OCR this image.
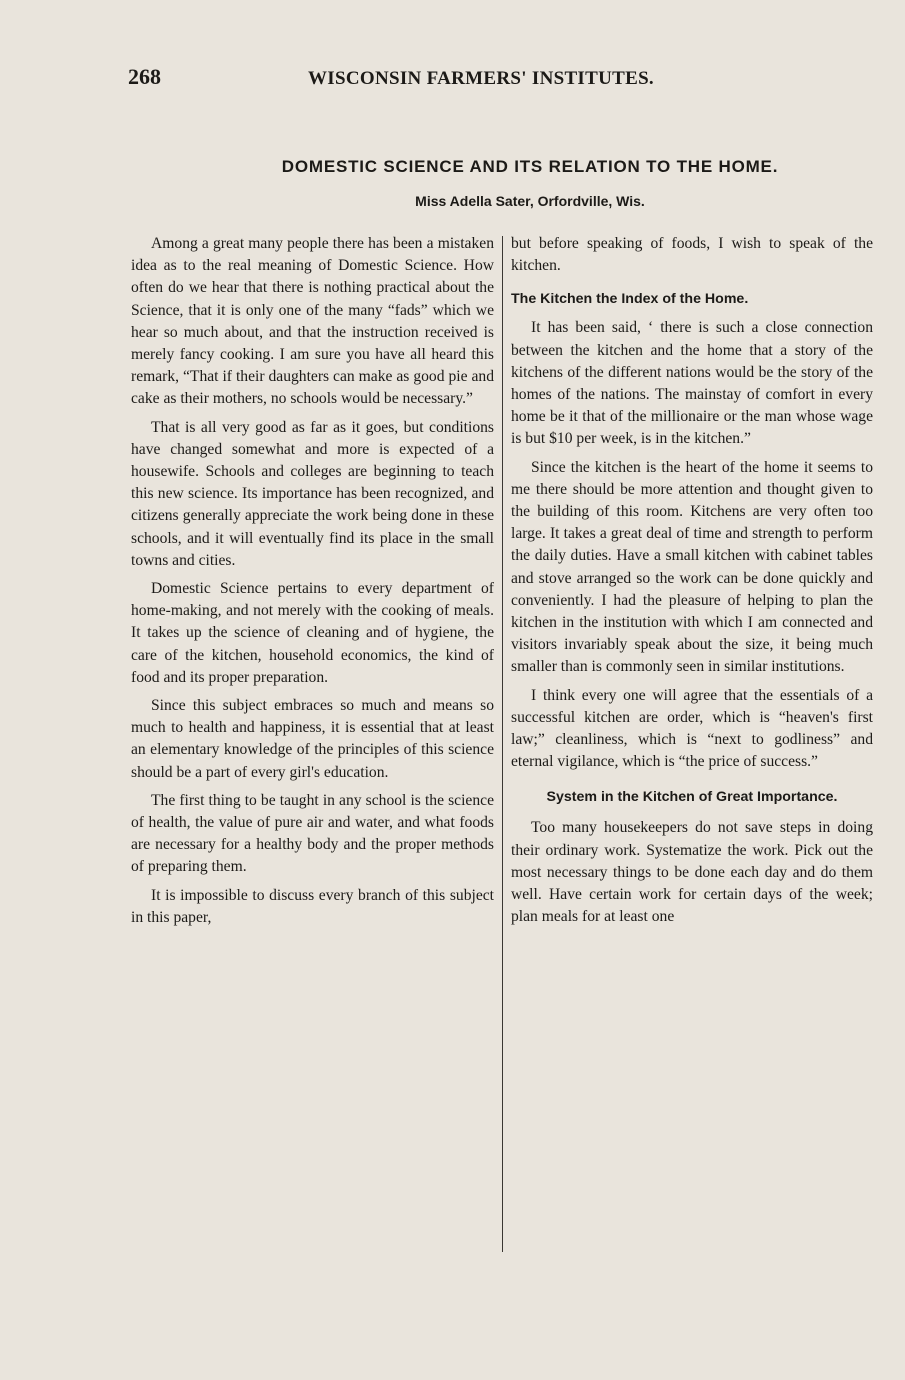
268	WISCONSIN FARMERS' INSTITUTES.
DOMESTIC SCIENCE AND ITS RELATION TO THE HOME.
Miss Adella Sater, Orfordville, Wis.

Among a great many people there has been a mistaken idea as to the real meaning of Domestic Science. How often do we hear that there is nothing practical about the Science, that it is only one of the many “fads” which we hear so much about, and that the instruction received is merely fancy cooking. I am sure you have all heard this remark, “That if their daughters can make as good pie and cake as their mothers, no schools would be necessary.”

That is all very good as far as it goes, but conditions have changed somewhat and more is expected of a housewife. Schools and colleges are beginning to teach this new science. Its importance has been recognized, and citizens generally appreciate the work being done in these schools, and it will eventually find its place in the small towns and cities.

Domestic Science pertains to every department of home-making, and not merely with the cooking of meals. It takes up the science of cleaning and of hygiene, the care of the kitchen, household economics, the kind of food and its proper preparation.

Since this subject embraces so much and means so much to health and happiness, it is essential that at least an elementary knowledge of the principles of this science should be a part of every girl's education.

The first thing to be taught in any school is the science of health, the value of pure air and water, and what foods are necessary for a healthy body and the proper methods of preparing them.

It is impossible to discuss every branch of this subject in this paper,

but before speaking of foods, I wish to speak of the kitchen.

The Kitchen the Index of the Home.

It has been said, ‘ there is such a close connection between the kitchen and the home that a story of the kitchens of the different nations would be the story of the homes of the nations. The mainstay of comfort in every home be it that of the millionaire or the man whose wage is but $10 per week, is in the kitchen.”

Since the kitchen is the heart of the home it seems to me there should be more attention and thought given to the building of this room. Kitchens are very often too large. It takes a great deal of time and strength to perform the daily duties. Have a small kitchen with cabinet tables and stove arranged so the work can be done quickly and conveniently. I had the pleasure of helping to plan the kitchen in the institution with which I am connected and visitors invariably speak about the size, it being much smaller than is commonly seen in similar institutions.

I think every one will agree that the essentials of a successful kitchen are order, which is “heaven's first law;” cleanliness, which is “next to godliness” and eternal vigilance, which is “the price of success.”

System in the Kitchen of Great Importance.

Too many housekeepers do not save steps in doing their ordinary work. Systematize the work. Pick out the most necessary things to be done each day and do them well. Have certain work for certain days of the week; plan meals for at least one
